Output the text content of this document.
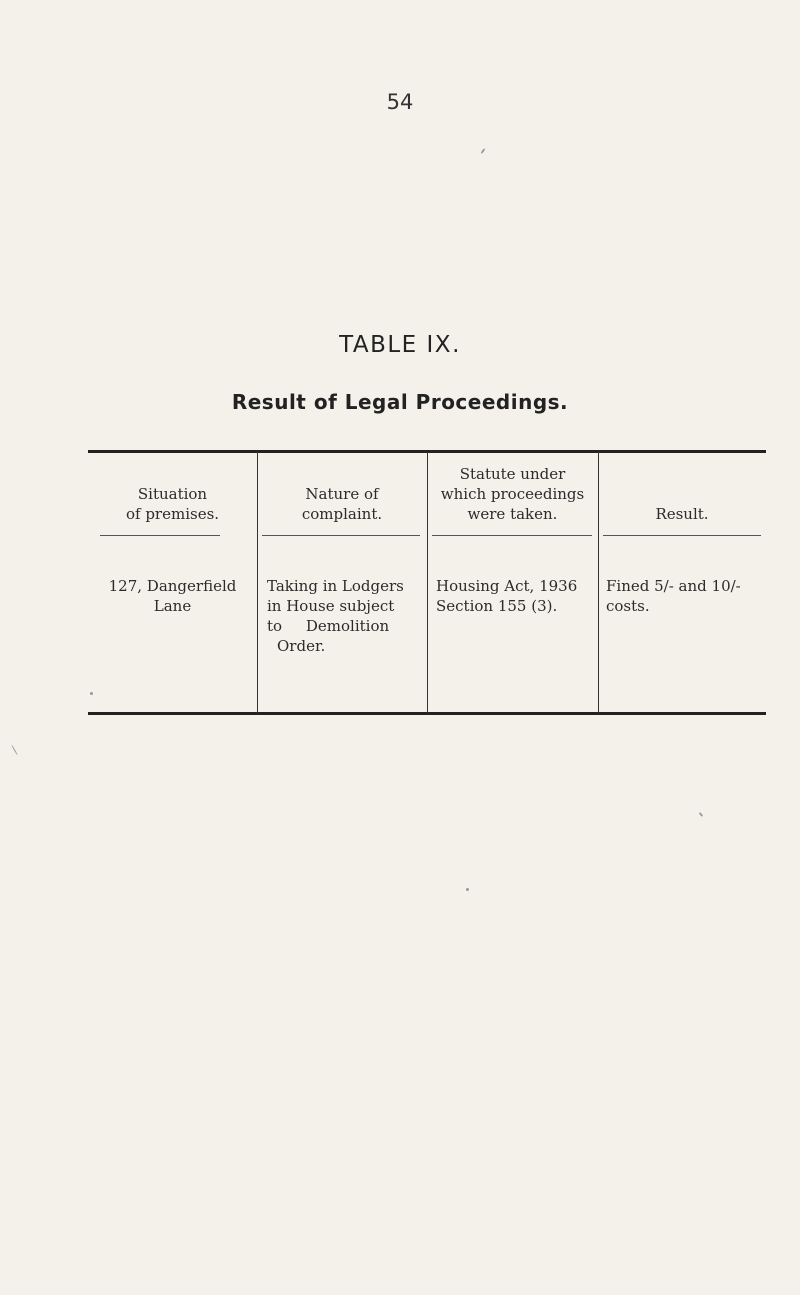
54
TABLE IX.
Result of Legal Proceedings.
Situation
of premises.
Nature of
complaint.
Statute under
which proceedings
were taken.	Result.
127, Dangerfield
Lane
Taking in Lodgers
in House subject
to     Demolition
Order.
Housing Act, 1936
Section 155 (3).
Fined 5/- and 10/-
costs.
